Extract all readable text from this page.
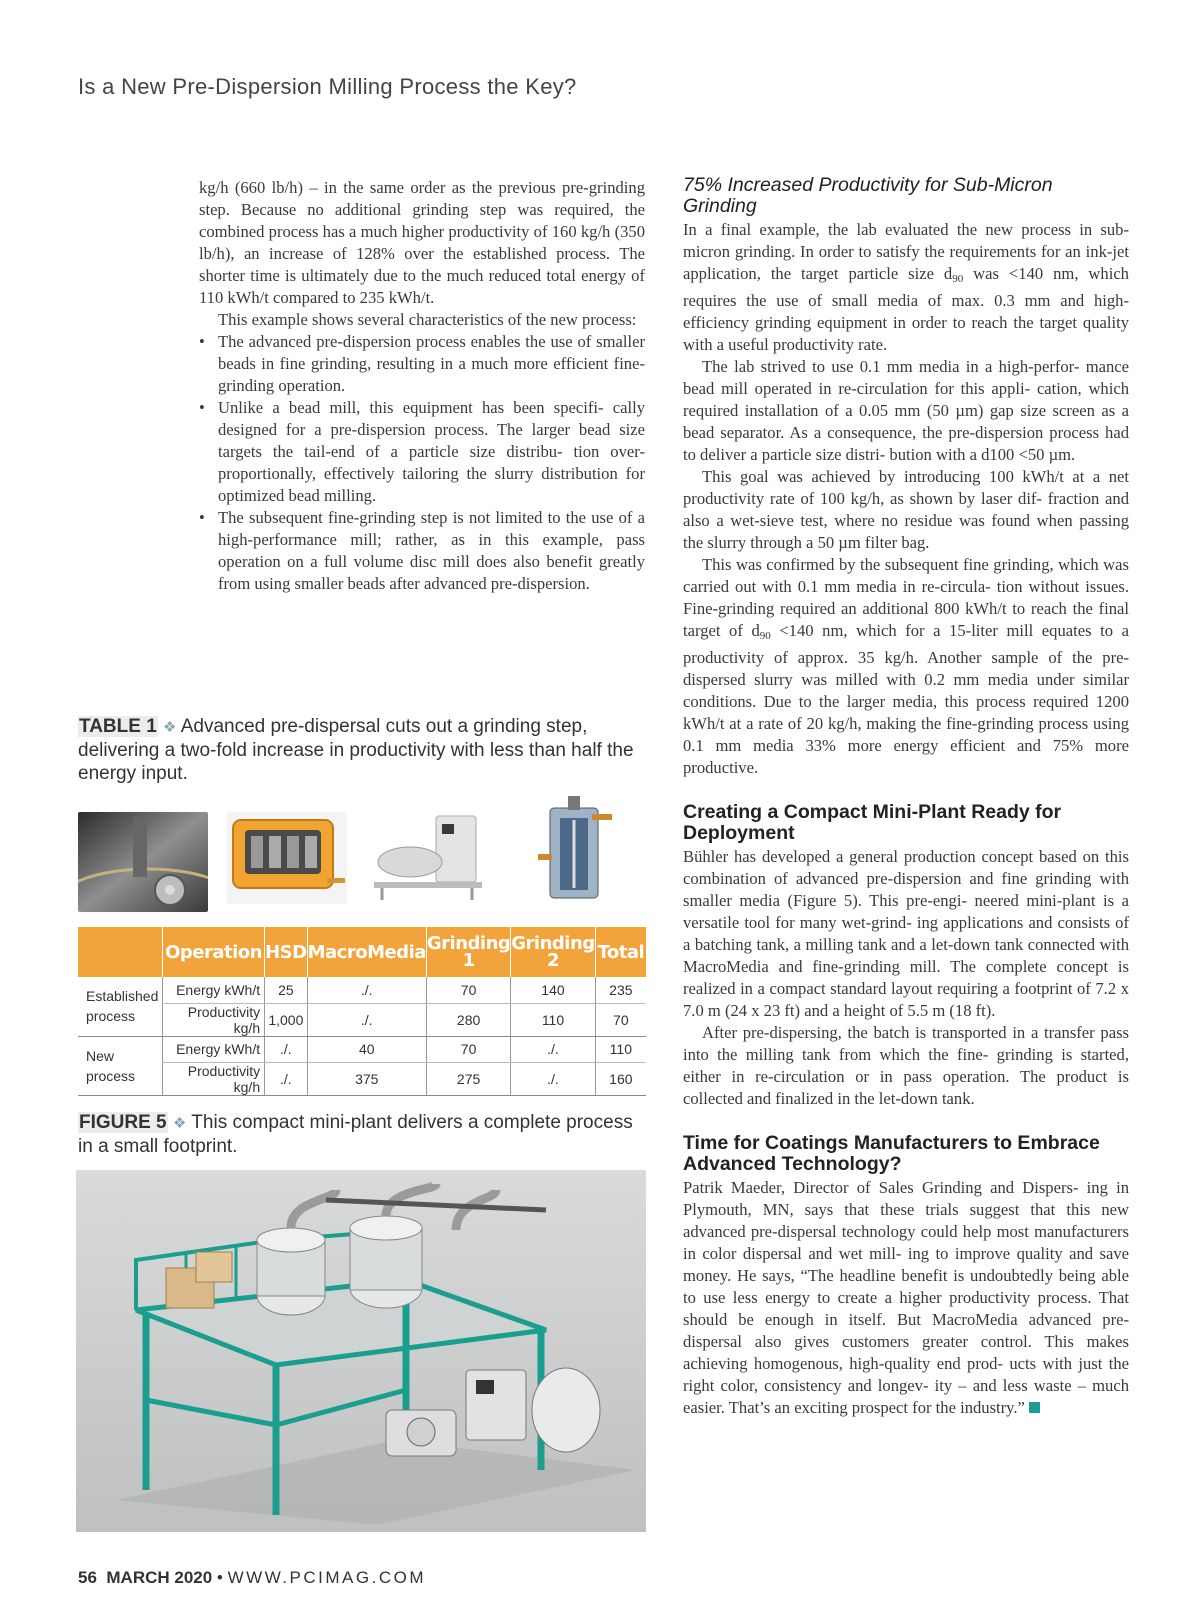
Is a New Pre-Dispersion Milling Process the Key?

kg/h (660 lb/h) – in the same order as the previous pre-grinding step. Because no additional grinding step was required, the combined process has a much higher productivity of 160 kg/h (350 lb/h), an increase of 128% over the established process. The shorter time is ultimately due to the much reduced total energy of 110 kWh/t compared to 235 kWh/t.

This example shows several characteristics of the new process:

• The advanced pre-dispersion process enables the use of smaller beads in fine grinding, resulting in a much more efficient fine-grinding operation.
• Unlike a bead mill, this equipment has been specifi- cally designed for a pre-dispersion process. The larger bead size targets the tail-end of a particle size distribu- tion over-proportionally, effectively tailoring the slurry distribution for optimized bead milling.
• The subsequent fine-grinding step is not limited to the use of a high-performance mill; rather, as in this example, pass operation on a full volume disc mill does also benefit greatly from using smaller beads after advanced pre-dispersion.
TABLE 1 ❖ Advanced pre-dispersal cuts out a grinding step, delivering a two-fold increase in productivity with less than half the energy input.
	Operation	HSD	MacroMedia	Grinding 1	Grinding 2	Total
Established process	Energy kWh/t	25	./.	70	140	235
	Productivity kg/h	1,000	./.	280	110	70
New process	Energy kWh/t	./.	40	70	./.	110
	Productivity kg/h	./.	375	275	./.	160
FIGURE 5 ❖ This compact mini-plant delivers a complete process in a small footprint.
75% Increased Productivity for Sub-Micron Grinding

In a final example, the lab evaluated the new process in sub-micron grinding. In order to satisfy the requirements for an ink-jet application, the target particle size $d_{90}$ was <140 nm, which requires the use of small media of max. 0.3 mm and high-efficiency grinding equipment in order to reach the target quality with a useful productivity rate.

The lab strived to use 0.1 mm media in a high-perfor- mance bead mill operated in re-circulation for this appli- cation, which required installation of a 0.05 mm (50 µm) gap size screen as a bead separator. As a consequence, the pre-dispersion process had to deliver a particle size distri- bution with a d100 <50 µm.

This goal was achieved by introducing 100 kWh/t at a net productivity rate of 100 kg/h, as shown by laser dif- fraction and also a wet-sieve test, where no residue was found when passing the slurry through a 50 µm filter bag.

This was confirmed by the subsequent fine grinding, which was carried out with 0.1 mm media in re-circula- tion without issues. Fine-grinding required an additional 800 kWh/t to reach the final target of $d_{90} <140$ nm, which for a 15-liter mill equates to a productivity of approx. 35 kg/h. Another sample of the pre-dispersed slurry was milled with 0.2 mm media under similar conditions. Due to the larger media, this process required 1200 kWh/t at a rate of 20 kg/h, making the fine-grinding process using 0.1 mm media 33% more energy efficient and 75% more productive.

Creating a Compact Mini-Plant Ready for Deployment

Bühler has developed a general production concept based on this combination of advanced pre-dispersion and fine grinding with smaller media (Figure 5). This pre-engi- neered mini-plant is a versatile tool for many wet-grind- ing applications and consists of a batching tank, a milling tank and a let-down tank connected with MacroMedia and fine-grinding mill. The complete concept is realized in a compact standard layout requiring a footprint of 7.2 x 7.0 m (24 x 23 ft) and a height of 5.5 m (18 ft).

After pre-dispersing, the batch is transported in a transfer pass into the milling tank from which the fine- grinding is started, either in re-circulation or in pass operation. The product is collected and finalized in the let-down tank.

Time for Coatings Manufacturers to Embrace Advanced Technology?

Patrik Maeder, Director of Sales Grinding and Dispers- ing in Plymouth, MN, says that these trials suggest that this new advanced pre-dispersal technology could help most manufacturers in color dispersal and wet mill- ing to improve quality and save money. He says, “The headline benefit is undoubtedly being able to use less energy to create a higher productivity process. That should be enough in itself. But MacroMedia advanced pre-dispersal also gives customers greater control. This makes achieving homogenous, high-quality end prod- ucts with just the right color, consistency and longev- ity – and less waste – much easier. That’s an exciting prospect for the industry.”

56 MARCH 2020 • WWW.PCIMAG.COM
